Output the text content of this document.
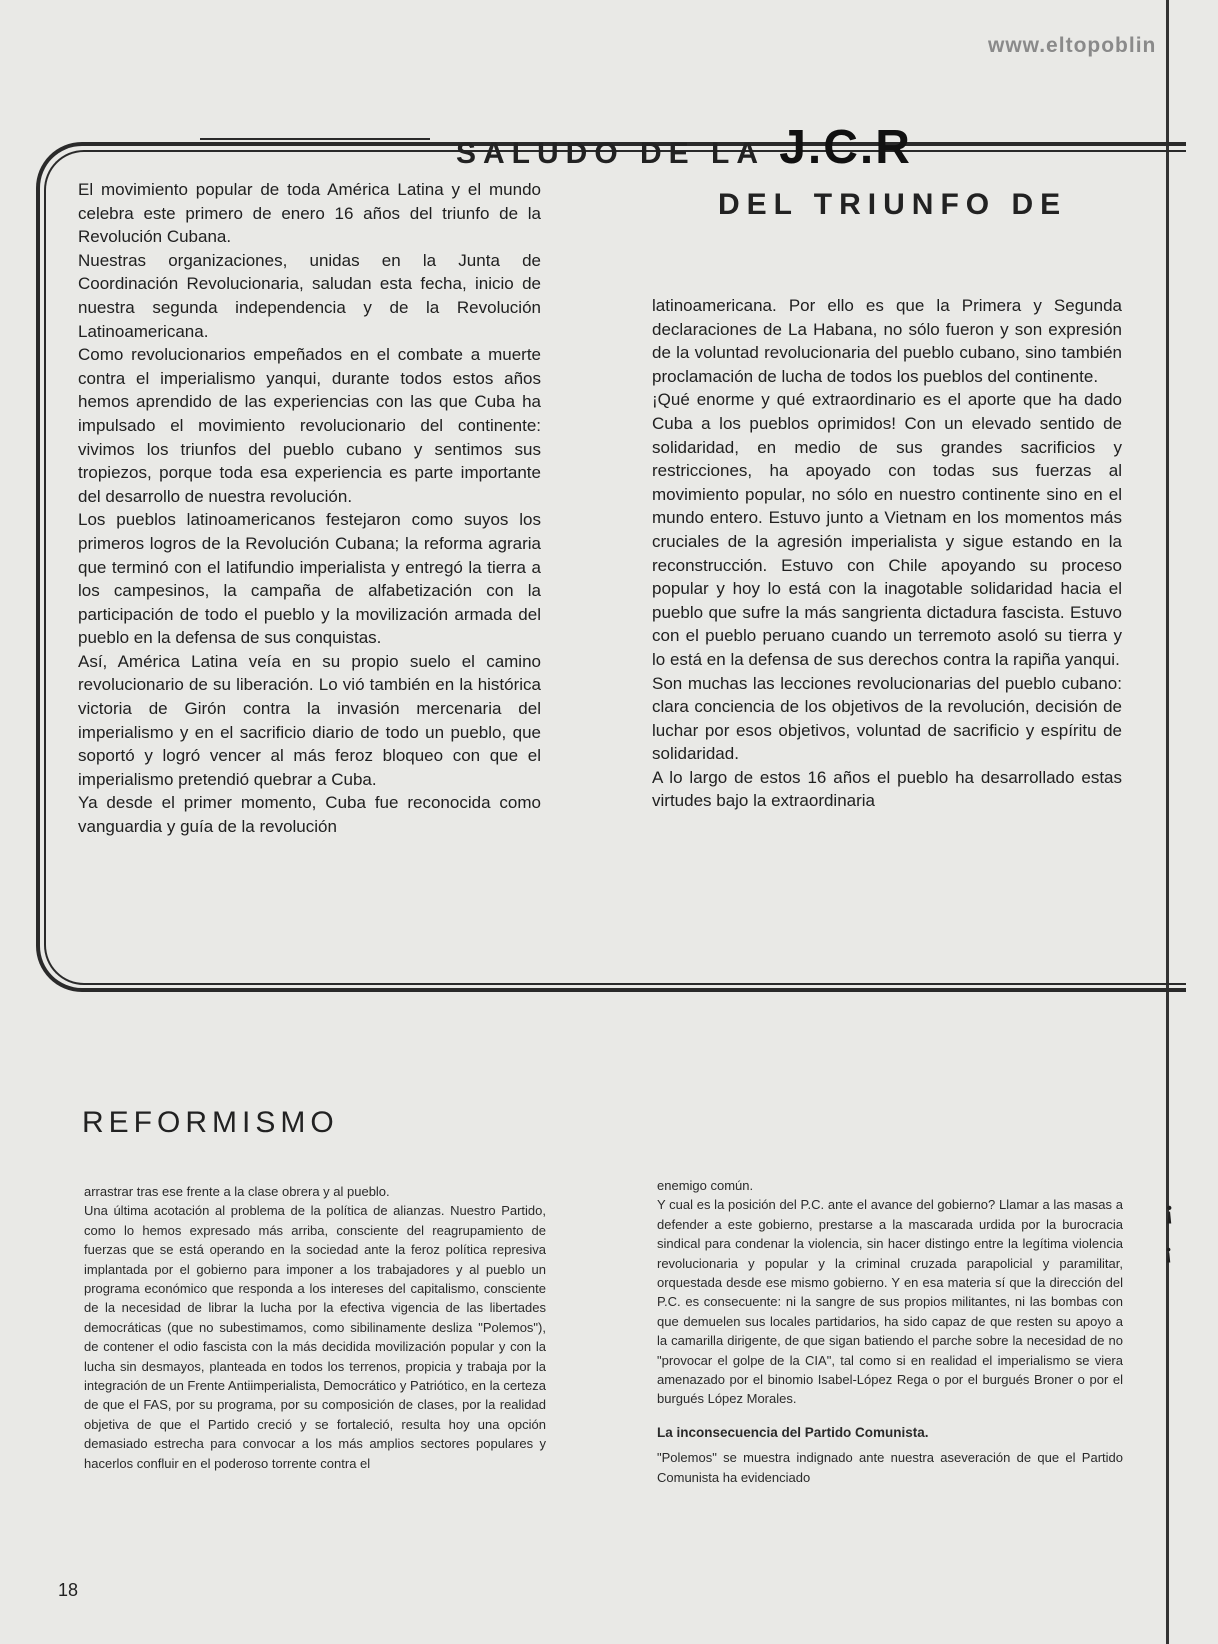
www.eltopoblin
SALUDO DE LA J.C.R
DEL TRIUNFO DE

El movimiento popular de toda América Latina y el mundo celebra este primero de enero 16 años del triunfo de la Revolución Cubana.

Nuestras organizaciones, unidas en la Junta de Coordinación Revolucionaria, saludan esta fecha, inicio de nuestra segunda independencia y de la Revolución Latinoamericana.

Como revolucionarios empeñados en el combate a muerte contra el imperialismo yanqui, durante todos estos años hemos aprendido de las experiencias con las que Cuba ha impulsado el movimiento revolucionario del continente: vivimos los triunfos del pueblo cubano y sentimos sus tropiezos, porque toda esa experiencia es parte importante del desarrollo de nuestra revolución.

Los pueblos latinoamericanos festejaron como suyos los primeros logros de la Revolución Cubana; la reforma agraria que terminó con el latifundio imperialista y entregó la tierra a los campesinos, la campaña de alfabetización con la participación de todo el pueblo y la movilización armada del pueblo en la defensa de sus conquistas.

Así, América Latina veía en su propio suelo el camino revolucionario de su liberación. Lo vió también en la histórica victoria de Girón contra la invasión mercenaria del imperialismo y en el sacrificio diario de todo un pueblo, que soportó y logró vencer al más feroz bloqueo con que el imperialismo pretendió quebrar a Cuba.

Ya desde el primer momento, Cuba fue reconocida como vanguardia y guía de la revolución

latinoamericana. Por ello es que la Primera y Segunda declaraciones de La Habana, no sólo fueron y son expresión de la voluntad revolucionaria del pueblo cubano, sino también proclamación de lucha de todos los pueblos del continente.

¡Qué enorme y qué extraordinario es el aporte que ha dado Cuba a los pueblos oprimidos! Con un elevado sentido de solidaridad, en medio de sus grandes sacrificios y restricciones, ha apoyado con todas sus fuerzas al movimiento popular, no sólo en nuestro continente sino en el mundo entero. Estuvo junto a Vietnam en los momentos más cruciales de la agresión imperialista y sigue estando en la reconstrucción. Estuvo con Chile apoyando su proceso popular y hoy lo está con la inagotable solidaridad hacia el pueblo que sufre la más sangrienta dictadura fascista. Estuvo con el pueblo peruano cuando un terremoto asoló su tierra y lo está en la defensa de sus derechos contra la rapiña yanqui.

Son muchas las lecciones revolucionarias del pueblo cubano: clara conciencia de los objetivos de la revolución, decisión de luchar por esos objetivos, voluntad de sacrificio y espíritu de solidaridad.

A lo largo de estos 16 años el pueblo ha desarrollado estas virtudes bajo la extraordinaria

REFORMISMO

arrastrar tras ese frente a la clase obrera y al pueblo.

Una última acotación al problema de la política de alianzas. Nuestro Partido, como lo hemos expresado más arriba, consciente del reagrupamiento de fuerzas que se está operando en la sociedad ante la feroz política represiva implantada por el gobierno para imponer a los trabajadores y al pueblo un programa económico que responda a los intereses del capitalismo, consciente de la necesidad de librar la lucha por la efectiva vigencia de las libertades democráticas (que no subestimamos, como sibilinamente desliza "Polemos"), de contener el odio fascista con la más decidida movilización popular y con la lucha sin desmayos, planteada en todos los terrenos, propicia y trabaja por la integración de un Frente Antiimperialista, Democrático y Patriótico, en la certeza de que el FAS, por su programa, por su composición de clases, por la realidad objetiva de que el Partido creció y se fortaleció, resulta hoy una opción demasiado estrecha para convocar a los más amplios sectores populares y hacerlos confluir en el poderoso torrente contra el

enemigo común.

Y cual es la posición del P.C. ante el avance del gobierno? Llamar a las masas a defender a este gobierno, prestarse a la mascarada urdida por la burocracia sindical para condenar la violencia, sin hacer distingo entre la legítima violencia revolucionaria y popular y la criminal cruzada parapolicial y paramilitar, orquestada desde ese mismo gobierno. Y en esa materia sí que la dirección del P.C. es consecuente: ni la sangre de sus propios militantes, ni las bombas con que demuelen sus locales partidarios, ha sido capaz de que resten su apoyo a la camarilla dirigente, de que sigan batiendo el parche sobre la necesidad de no "provocar el golpe de la CIA", tal como si en realidad el imperialismo se viera amenazado por el binomio Isabel-López Rega o por el burgués Broner o por el burgués López Morales.

La inconsecuencia del Partido Comunista.

"Polemos" se muestra indignado ante nuestra aseveración de que el Partido Comunista ha evidenciado

¡
¡
18
